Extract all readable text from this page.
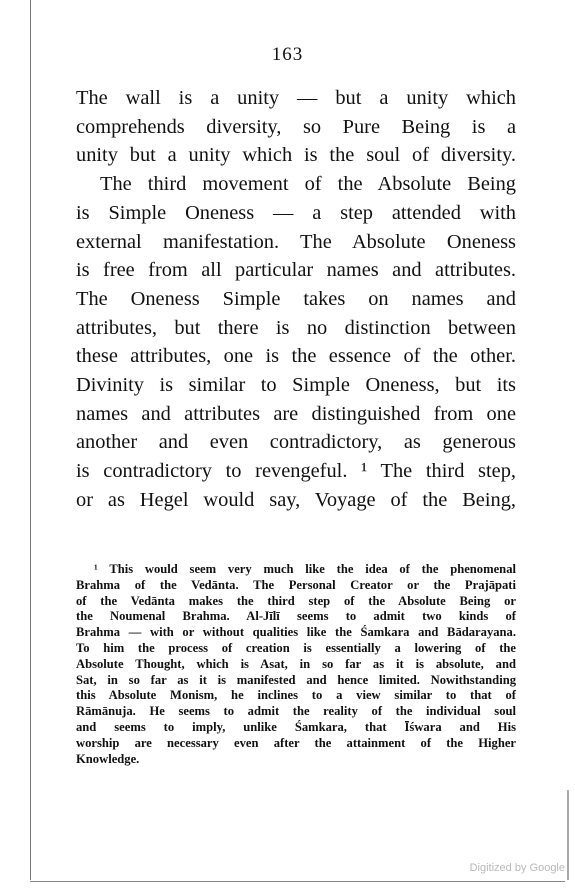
163
The wall is a unity — but a unity which
comprehends diversity, so Pure Being is a
unity but a unity which is the soul of diversity.
The third movement of the Absolute Being
is Simple Oneness — a step attended with
external manifestation. The Absolute Oneness
is free from all particular names and attributes.
The Oneness Simple takes on names and
attributes, but there is no distinction between
these attributes, one is the essence of the other.
Divinity is similar to Simple Oneness, but its
names and attributes are distinguished from one
another and even contradictory, as generous
is contradictory to revengeful. ¹ The third step,
or as Hegel would say, Voyage of the Being,
¹ This would seem very much like the idea of the phenomenal
Brahma of the Vedānta. The Personal Creator or the Prajāpati
of the Vedānta makes the third step of the Absolute Being or
the Noumenal Brahma. Al-Jīlī seems to admit two kinds of
Brahma — with or without qualities like the Śamkara and Bādarayana.
To him the process of creation is essentially a lowering of the
Absolute Thought, which is Asat, in so far as it is absolute, and
Sat, in so far as it is manifested and hence limited. Nowithstanding
this Absolute Monism, he inclines to a view similar to that of
Rāmānuja. He seems to admit the reality of the individual soul
and seems to imply, unlike Śamkara, that Īśwara and His
worship are necessary even after the attainment of the Higher
Knowledge.
Digitized by Google
